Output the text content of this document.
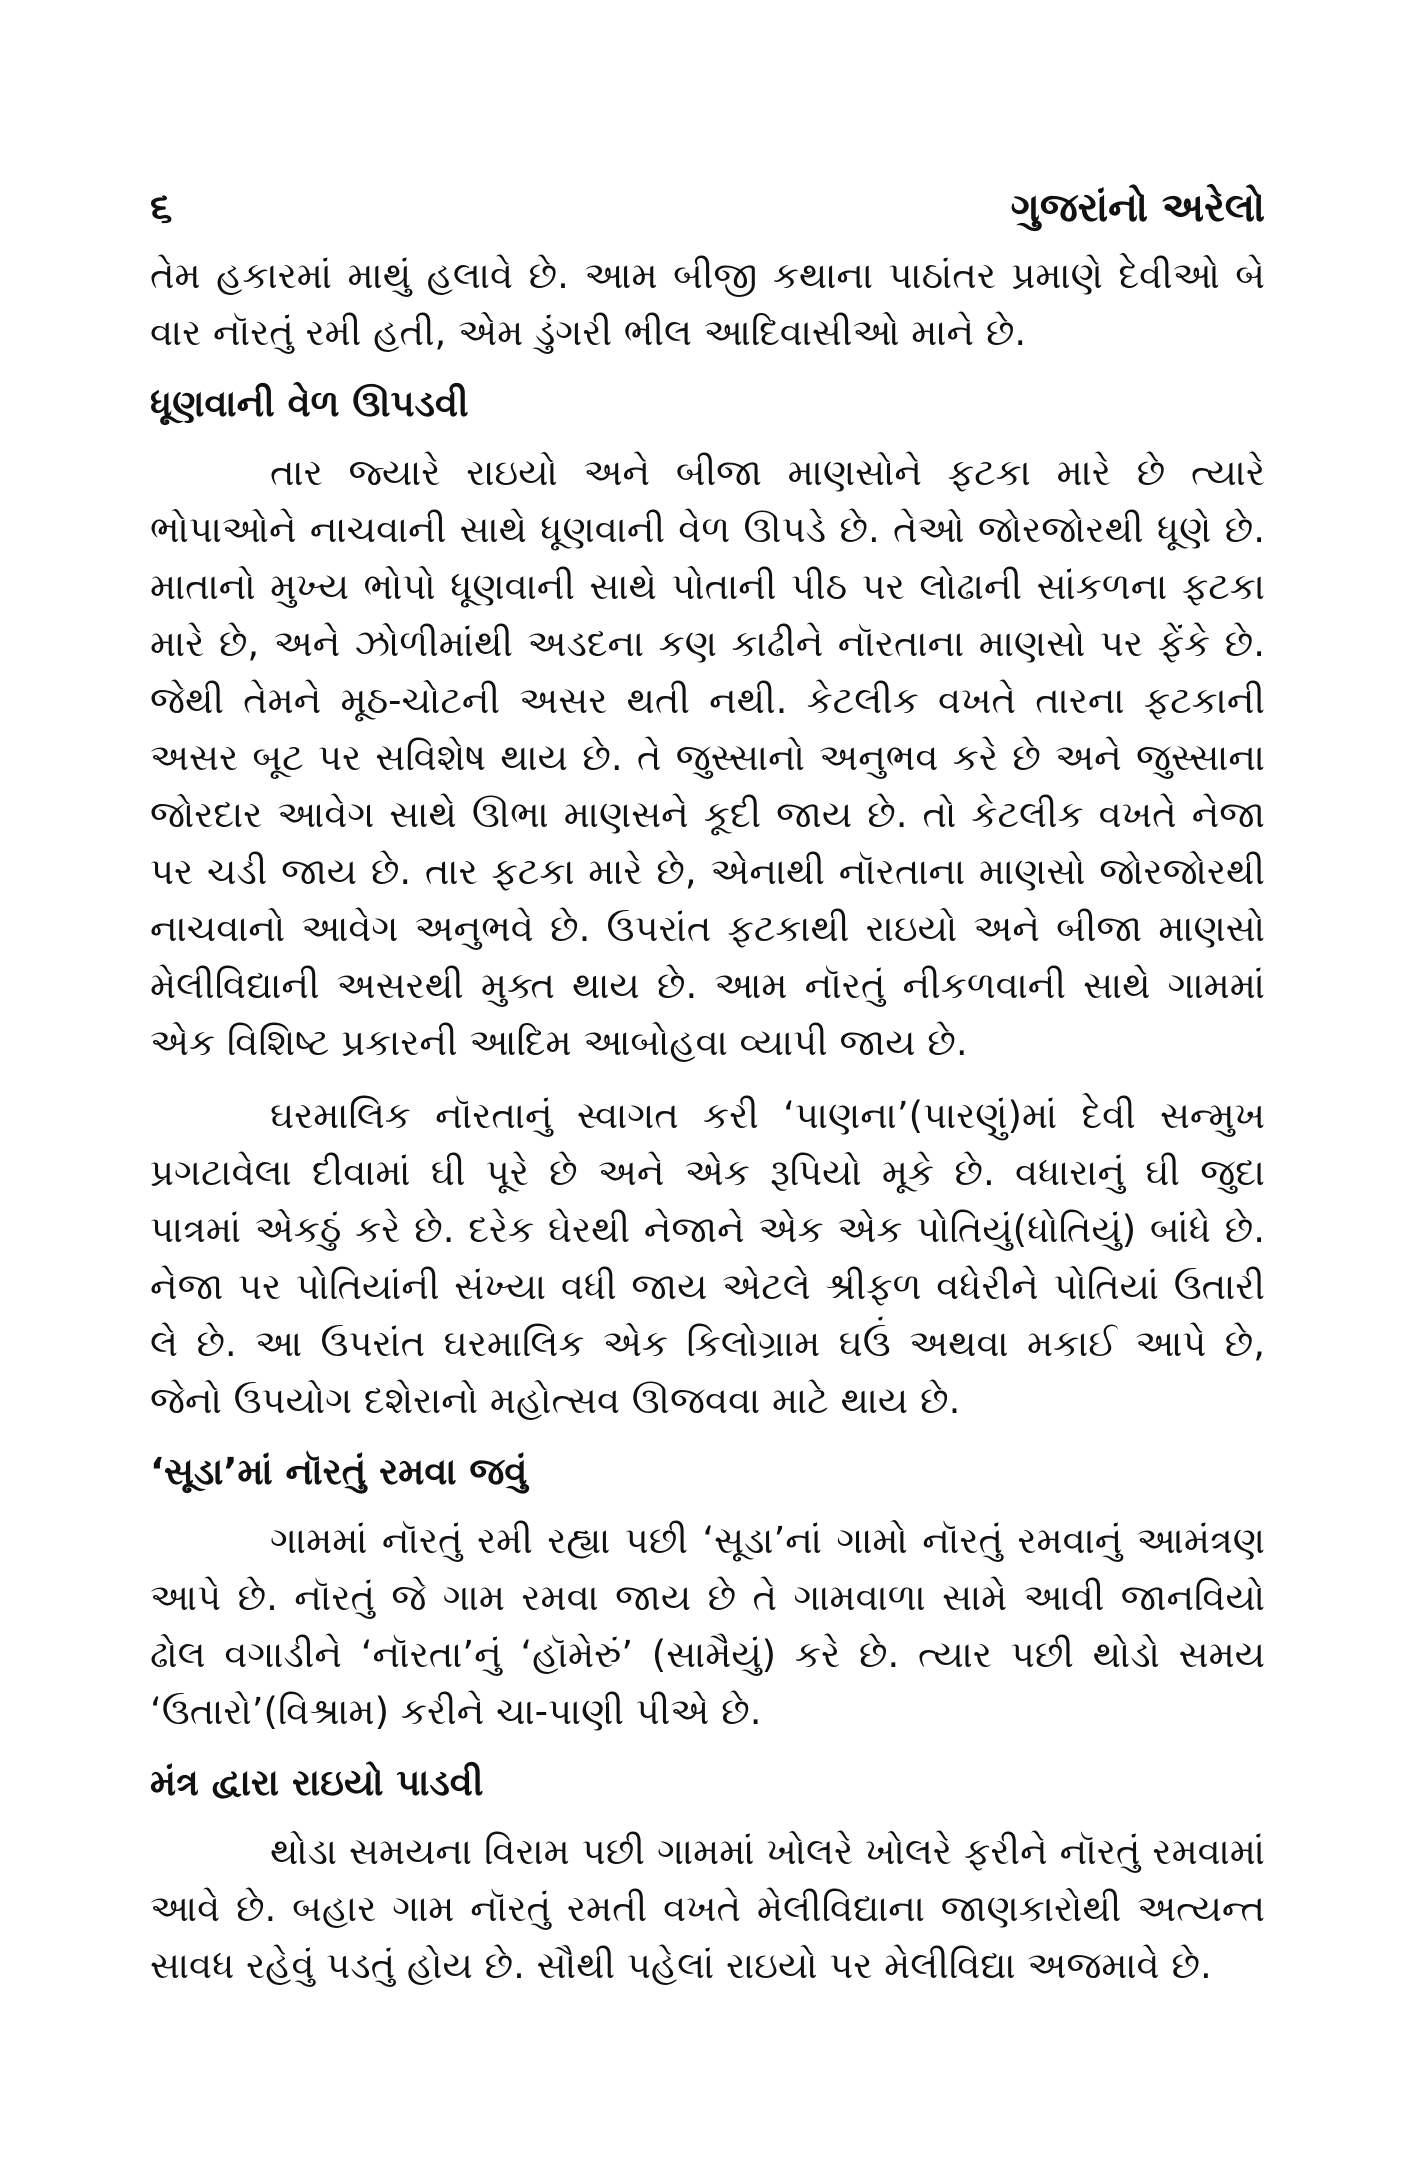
૬	ગુજરાંનો અરેલો

તેમ હકારમાં માથું હલાવે છે. આમ બીજી કથાના પાઠાંતર પ્રમાણે દેવીઓ બે વાર નૉરતું રમી હતી, એમ ડુંગરી ભીલ આદિવાસીઓ માને છે.

ધૂણવાની વેળ ઊપડવી

તાર જ્યારે રાઇયો અને બીજા માણસોને ફટકા મારે છે ત્યારે ભોપાઓને નાચવાની સાથે ધૂણવાની વેળ ઊપડે છે. તેઓ જોરજોરથી ધૂણે છે. માતાનો મુખ્ય ભોપો ધૂણવાની સાથે પોતાની પીઠ પર લોઢાની સાંકળના ફટકા મારે છે, અને ઝોળીમાંથી અડદના કણ કાઢીને નૉરતાના માણસો પર ફેંકે છે. જેથી તેમને મૂઠ-ચોટની અસર થતી નથી. કેટલીક વખતે તારના ફટકાની અસર બૂટ પર સવિશેષ થાય છે. તે જુસ્સાનો અનુભવ કરે છે અને જુસ્સાના જોરદાર આવેગ સાથે ઊભા માણસને કૂદી જાય છે. તો કેટલીક વખતે નેજા પર ચડી જાય છે. તાર ફટકા મારે છે, એનાથી નૉરતાના માણસો જોરજોરથી નાચવાનો આવેગ અનુભવે છે. ઉપરાંત ફટકાથી રાઇયો અને બીજા માણસો મેલીવિદ્યાની અસરથી મુક્ત થાય છે. આમ નૉરતું નીકળવાની સાથે ગામમાં એક વિશિષ્ટ પ્રકારની આદિમ આબોહવા વ્યાપી જાય છે.

ઘરમાલિક નૉરતાનું સ્વાગત કરી ‘પાણના’(પારણું)માં દેવી સન્મુખ પ્રગટાવેલા દીવામાં ઘી પૂરે છે અને એક રૂપિયો મૂકે છે. વધારાનું ઘી જુદા પાત્રમાં એકઠું કરે છે. દરેક ઘેરથી નેજાને એક એક પોતિયું(ધોતિયું) બાંધે છે. નેજા પર પોતિયાંની સંખ્યા વધી જાય એટલે શ્રીફળ વધેરીને પોતિયાં ઉતારી લે છે. આ ઉપરાંત ઘરમાલિક એક કિલોગ્રામ ઘઉં અથવા મકાઈ આપે છે, જેનો ઉપયોગ દશેરાનો મહોત્સવ ઊજવવા માટે થાય છે.

‘સૂડા’માં નૉરતું રમવા જવું

ગામમાં નૉરતું રમી રહ્યા પછી ‘સૂડા’નાં ગામો નૉરતું રમવાનું આમંત્રણ આપે છે. નૉરતું જે ગામ રમવા જાય છે તે ગામવાળા સામે આવી જાનવિયો ઢોલ વગાડીને ‘નૉરતા’નું ‘હૉમેરું’ (સામૈયું) કરે છે. ત્યાર પછી થોડો સમય ‘ઉતારો’(વિશ્રામ) કરીને ચા-પાણી પીએ છે.

મંત્ર દ્વારા રાઇયો પાડવી

થોડા સમયના વિરામ પછી ગામમાં ખોલરે ખોલરે ફરીને નૉરતું રમવામાં આવે છે. બહાર ગામ નૉરતું રમતી વખતે મેલીવિદ્યાના જાણકારોથી અત્યન્ત સાવધ રહેવું પડતું હોય છે. સૌથી પહેલાં રાઇયો પર મેલીવિદ્યા અજમાવે છે.
